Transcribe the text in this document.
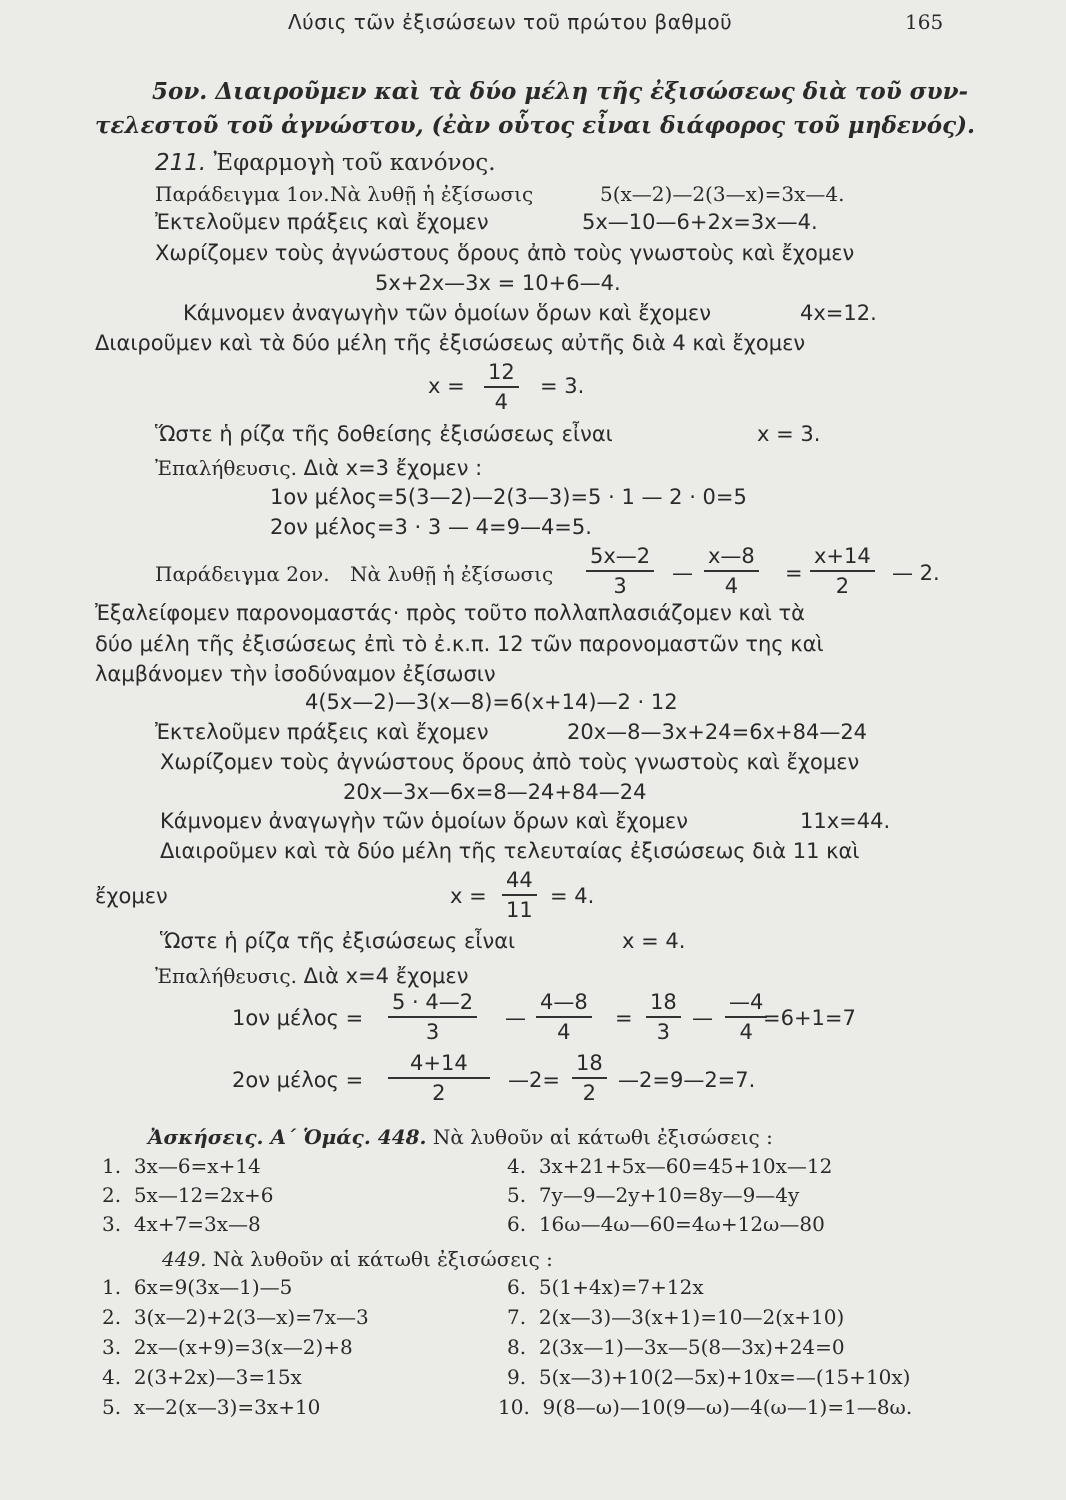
Λύσις τῶν ἐξισώσεων τοῦ πρώτου βαθμοῦ	165
5ον. Διαιροῦμεν καὶ τὰ δύο μέλη τῆς ἐξισώσεως διὰ τοῦ συν-
τελεστοῦ τοῦ ἀγνώστου, (ἐὰν οὗτος εἶναι διάφορος τοῦ μηδενός).
211. Ἐφαρμογὴ τοῦ κανόνος.
Παράδειγμα 1ον. Νὰ λυθῇ ἡ ἐξίσωσις	5(x—2)—2(3—x)=3x—4.
Ἐκτελοῦμεν πράξεις καὶ ἔχομεν	5x—10—6+2x=3x—4.
Χωρίζομεν τοὺς ἀγνώστους ὅρους ἀπὸ τοὺς γνωστοὺς καὶ ἔχομεν
5x+2x—3x = 10+6—4.
Κάμνομεν ἀναγωγὴν τῶν ὁμοίων ὅρων καὶ ἔχομεν	4x=12.
Διαιροῦμεν καὶ τὰ δύο μέλη τῆς ἐξισώσεως αὐτῆς διὰ 4 καὶ ἔχομεν
$x = \frac{12}{4} = 3$.
Ὥστε ἡ ρίζα τῆς δοθείσης ἐξισώσεως εἶναι	x = 3.
Ἐπαλήθευσις. Διὰ x=3 ἔχομεν :
1ον μέλος=5(3—2)—2(3—3)=5 · 1 — 2 · 0=5
2ον μέλος=3 · 3 — 4=9—4=5.
Παράδειγμα 2ον. Νὰ λυθῇ ἡ ἐξίσωσις $\frac{5x—2}{3}$ — $\frac{x—8}{4} = \frac{x+14}{2}$ — 2.
Ἐξαλείφομεν παρονομαστάς· πρὸς τοῦτο πολλαπλασιάζομεν καὶ τὰ
δύο μέλη τῆς ἐξισώσεως ἐπὶ τὸ ἐ.κ.π. 12 τῶν παρονομαστῶν της καὶ
λαμβάνομεν τὴν ἰσοδύναμον ἐξίσωσιν
4(5x—2)—3(x—8)=6(x+14)—2 · 12
Ἐκτελοῦμεν πράξεις καὶ ἔχομεν	20x—8—3x+24=6x+84—24
Χωρίζομεν τοὺς ἀγνώστους ὅρους ἀπὸ τοὺς γνωστοὺς καὶ ἔχομεν
20x—3x—6x=8—24+84—24
Κάμνομεν ἀναγωγὴν τῶν ὁμοίων ὅρων καὶ ἔχομεν	11x=44.
Διαιροῦμεν καὶ τὰ δύο μέλη τῆς τελευταίας ἐξισώσεως διὰ 11 καὶ
ἔχομεν	$x = \frac{44}{11} = 4$.
Ὥστε ἡ ρίζα τῆς ἐξισώσεως εἶναι	x = 4.
Ἐπαλήθευσις. Διὰ x=4 ἔχομεν
1ον $\mu έ\lambda o\varsigma = \frac{5 \cdot 4—2}{3}$ — $\frac{4—8}{4} = \frac{18}{3}$ — $\frac{—4}{4}$
=6+1=7
2ον $\mu έ\lambda o\varsigma = \frac{4+14}{2}$ —2= $\frac{18}{2}$ —2=9—2=7.
Ἀσκήσεις. Α΄ Ὁμάς. 448. Νὰ λυθοῦν αἱ κάτωθι ἐξισώσεις :
1. 3x—6=x+14
2. 5x—12=2x+6
3. 4x+7=3x—8
4. 3x+21+5x—60=45+10x—12
5. 7y—9—2y+10=8y—9—4y
6. 16ω—4ω—60=4ω+12ω—80
449. Νὰ λυθοῦν αἱ κάτωθι ἐξισώσεις :
1. 6x=9(3x—1)—5
2. 3(x—2)+2(3—x)=7x—3
3. 2x—(x+9)=3(x—2)+8
4. 2(3+2x)—3=15x
5. x—2(x—3)=3x+10
6. 5(1+4x)=7+12x
7. 2(x—3)—3(x+1)=10—2(x+10)
8. 2(3x—1)—3x—5(8—3x)+24=0
9. 5(x—3)+10(2—5x)+10x=—(15+10x)
10. 9(8—ω)—10(9—ω)—4(ω—1)=1—8ω.
